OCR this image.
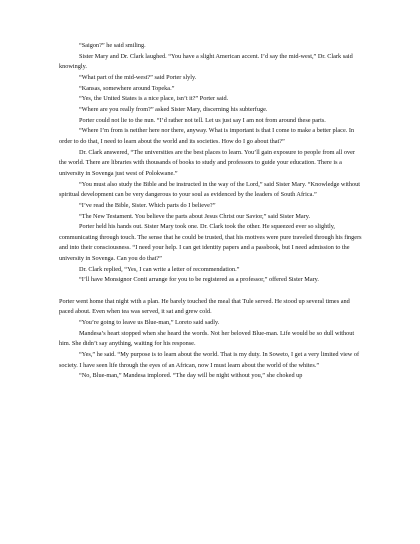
“Saigon?” he said smiling.

Sister Mary and Dr. Clark laughed. “You have a slight American accent. I’d say the mid-west,” Dr. Clark said knowingly.

“What part of the mid-west?” said Porter slyly.

“Kansas, somewhere around Topeka.”

“Yes, the United States is a nice place, isn’t it?” Porter said.

“Where are you really from?” asked Sister Mary, discerning his subterfuge.

Porter could not lie to the nun. “I’d rather not tell. Let us just say I am not from around these parts.

“Where I’m from is neither here nor there, anyway. What is important is that I come to make a better place. In order to do that, I need to learn about the world and its societies. How do I go about that?”

Dr. Clark answered, “The universities are the best places to learn. You’ll gain exposure to people from all over the world. There are libraries with thousands of books to study and professors to guide your education. There is a university in Sovenga just west of Polokwane.”

“You must also study the Bible and be instructed in the way of the Lord,” said Sister Mary. “Knowledge without spiritual development can be very dangerous to your soul as evidenced by the leaders of South Africa.”

“I’ve read the Bible, Sister. Which parts do I believe?”

“The New Testament. You believe the parts about Jesus Christ our Savior,” said Sister Mary.

Porter held his hands out. Sister Mary took one. Dr. Clark took the other. He squeezed ever so slightly, communicating through touch. The sense that he could be trusted, that his motives were pure traveled through his fingers and into their consciousness. “I need your help. I can get identity papers and a passbook, but I need admission to the university in Sovenga. Can you do that?”

Dr. Clark replied, “Yes, I can write a letter of recommendation.”

“I’ll have Monsignor Conti arrange for you to be registered as a professor,” offered Sister Mary.

Porter went home that night with a plan. He barely touched the meal that Tule served. He stood up several times and paced about. Even when tea was served, it sat and grew cold.

“You’re going to leave us Blue-man,” Loreto said sadly.

Mandesa’s heart stopped when she heard the words. Not her beloved Blue-man. Life would be so dull without him. She didn’t say anything, waiting for his response.

“Yes,” he said. “My purpose is to learn about the world. That is my duty. In Soweto, I get a very limited view of society. I have seen life through the eyes of an African, now I must learn about the world of the whites.”

“No, Blue-man,” Mandesa implored. “The day will be night without you,” she choked up
